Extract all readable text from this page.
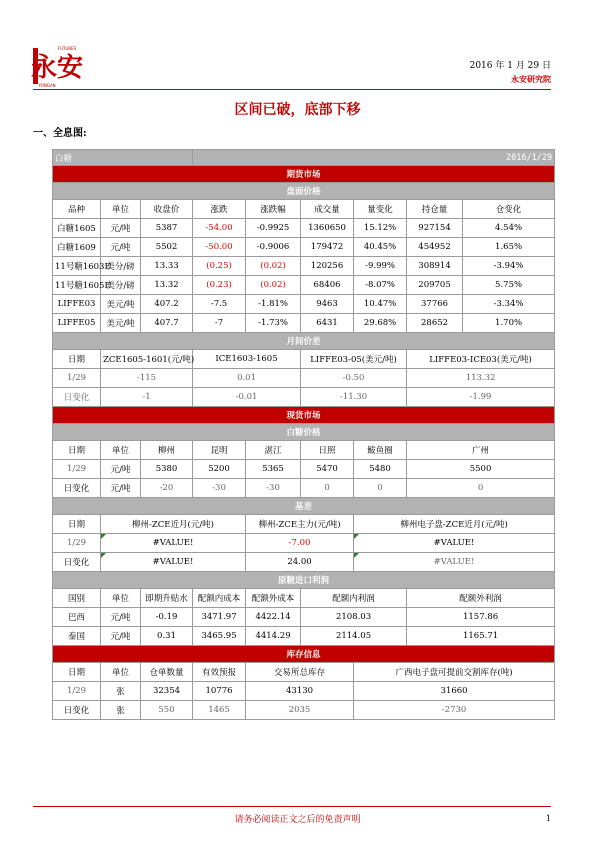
永安
FUTURES
YONGAN
2016 年 1 月 29 日
永安研究院
区间已破，底部下移
一、全息图:
白糖			2016/1/29					
期货市场								
盘面价格								
品种	单位	收盘价	涨跌	涨跌幅	成交量	量变化	持仓量	仓变化
白糖1605	元/吨	5387	-54.00	-0.9925	1360650	15.12%	927154	4.54%
白糖1609	元/吨	5502	-50.00	-0.9006	179472	40.45%	454952	1.65%
11号糖1603E	美分/磅	13.33	(0.25)	(0.02)	120256	-9.99%	308914	-3.94%
11号糖1605E	美分/磅	13.32	(0.23)	(0.02)	68406	-8.07%	209705	5.75%
LIFFE03	美元/吨	407.2	-7.5	-1.81%	9463	10.47%	37766	-3.34%
LIFFE05	美元/吨	407.7	-7	-1.73%	6431	29.68%	28652	1.70%
月间价差								
日期	ZCE1605-1601(元/吨)		ICE1603-1605		LIFFE03-05(美元/吨)		LIFFE03-ICE03(美元/吨)	
1/29	-115		0.01		-0.50		113.32	
日变化	-1		-0.01		-11.30		-1.99	
现货市场								
白糖价格								
日期	单位	柳州	昆明	湛江	日照	鲅鱼圈	广州	
1/29	元/吨	5380	5200	5365	5470	5480	5500	
日变化	元/吨	-20	-30	-30	0	0	0	
基差								
日期	柳州-ZCE近月(元/吨)			柳州-ZCE主力(元/吨)		柳州电子盘-ZCE近月(元/吨)		
1/29	#VALUE!			-7.00		#VALUE!		
日变化	#VALUE!			24.00		#VALUE!		
原糖进口利润								
国别	单位	即期升贴水	配额内成本	配额外成本	配额内利润		配额外利润	
巴西	元/吨	-0.19	3471.97	4422.14	2108.03		1157.86	
泰国	元/吨	0.31	3465.95	4414.29	2114.05		1165.71	
库存信息								
日期	单位	仓单数量	有效预报	交易所总库存		广西电子盘可提前交割库存(吨)		
1/29	张	32354	10776	43130		31660		
日变化	张	550	1465	2035		-2730		
请务必阅读正文之后的免责声明	1
